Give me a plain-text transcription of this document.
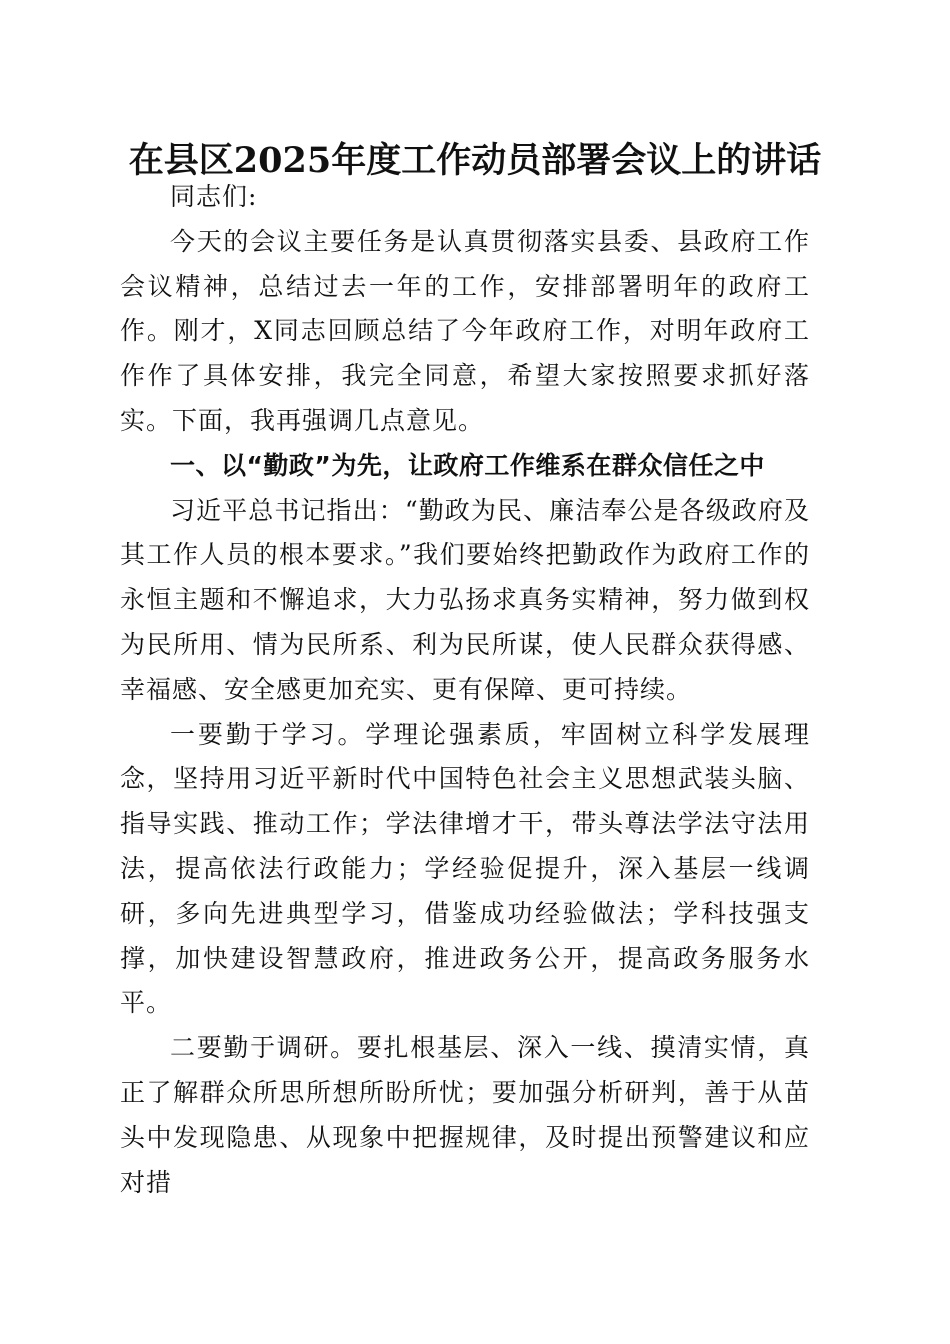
在县区2025年度工作动员部署会议上的讲话

同志们:

今天的会议主要任务是认真贯彻落实县委、县政府工作会议精神，总结过去一年的工作，安排部署明年的政府工作。刚才，X同志回顾总结了今年政府工作，对明年政府工作作了具体安排，我完全同意，希望大家按照要求抓好落实。下面，我再强调几点意见。

一、以“勤政”为先，让政府工作维系在群众信任之中

习近平总书记指出：“勤政为民、廉洁奉公是各级政府及其工作人员的根本要求。”我们要始终把勤政作为政府工作的永恒主题和不懈追求，大力弘扬求真务实精神，努力做到权为民所用、情为民所系、利为民所谋，使人民群众获得感、幸福感、安全感更加充实、更有保障、更可持续。

一要勤于学习。学理论强素质，牢固树立科学发展理念，坚持用习近平新时代中国特色社会主义思想武装头脑、指导实践、推动工作；学法律增才干，带头尊法学法守法用法，提高依法行政能力；学经验促提升，深入基层一线调研，多向先进典型学习，借鉴成功经验做法；学科技强支撑，加快建设智慧政府，推进政务公开，提高政务服务水平。

二要勤于调研。要扎根基层、深入一线、摸清实情，真正了解群众所思所想所盼所忧；要加强分析研判，善于从苗头中发现隐患、从现象中把握规律，及时提出预警建议和应对措
